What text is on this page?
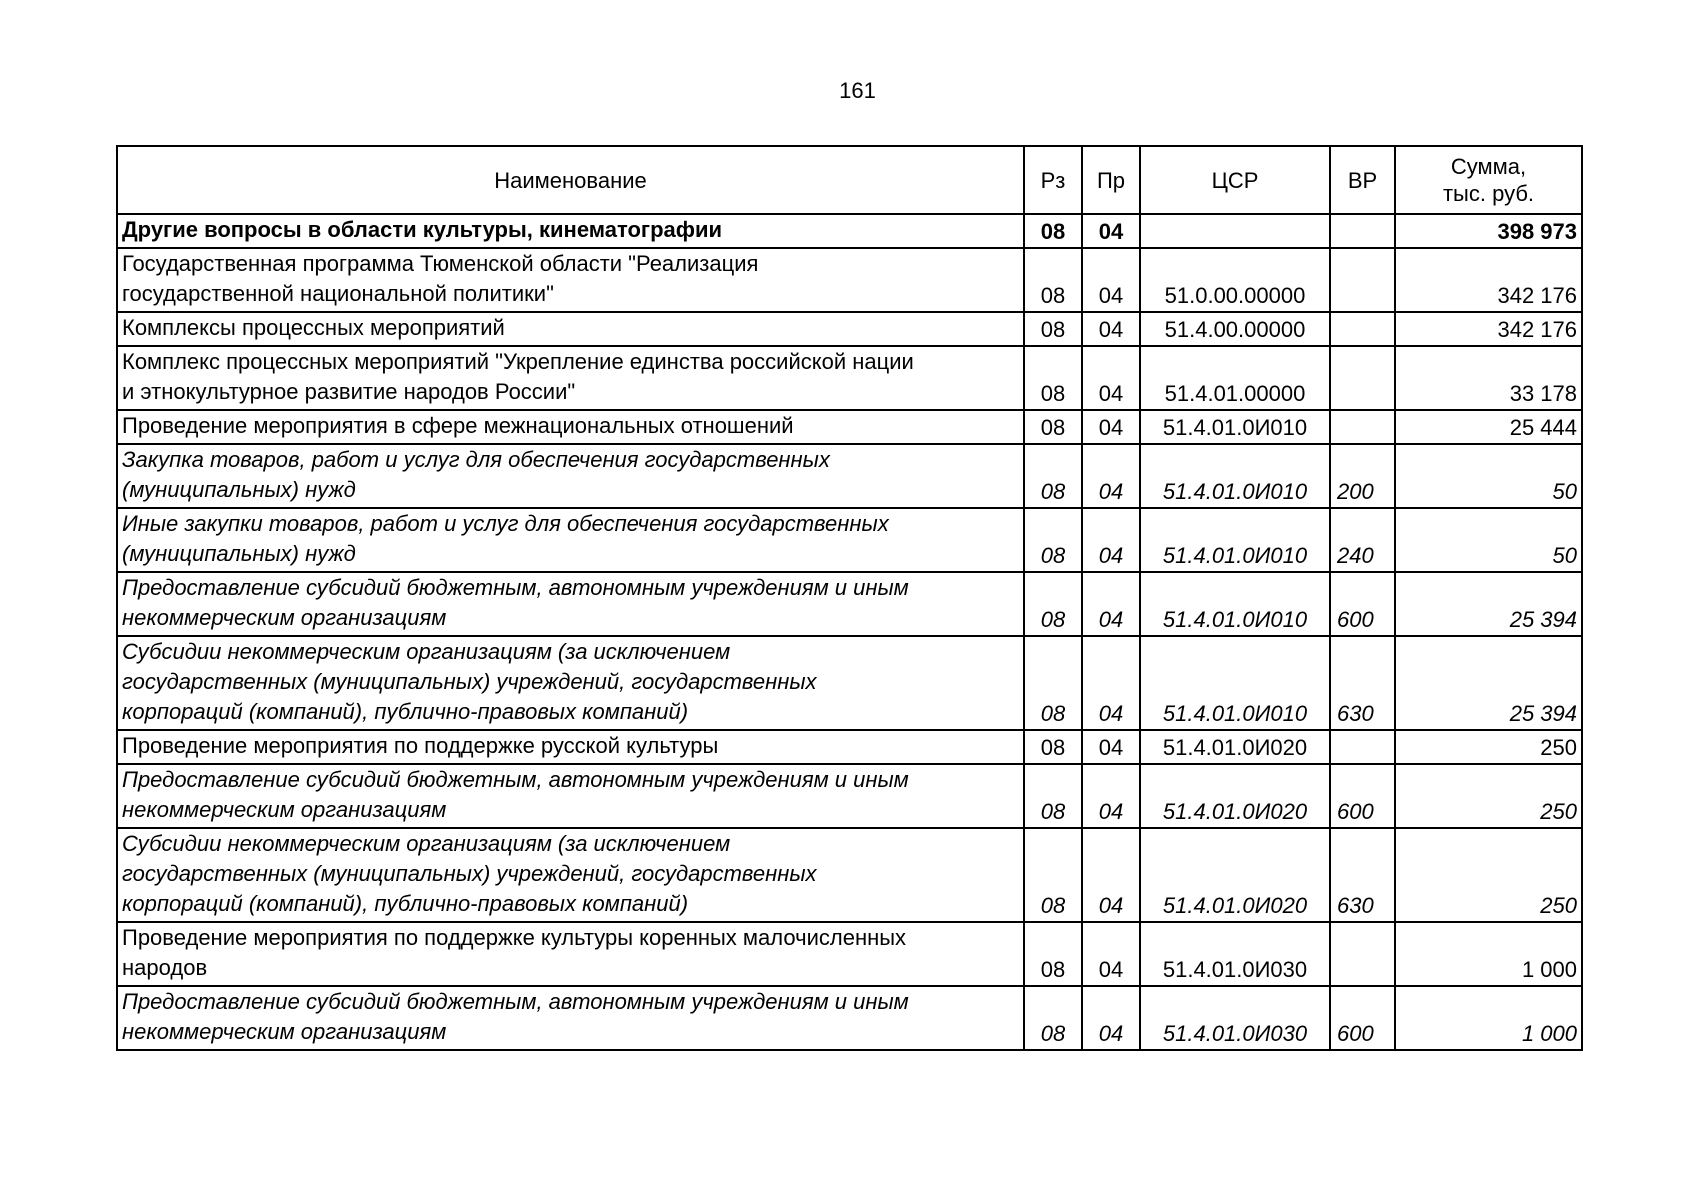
161
Наименование	Рз	Пр	ЦСР	ВР	Сумма,
тыс. руб.
Другие вопросы в области культуры, кинематографии	08	04			398 973
Государственная программа Тюменской области "Реализация
государственной национальной политики"	08	04	51.0.00.00000		342 176
Комплексы процессных мероприятий	08	04	51.4.00.00000		342 176
Комплекс процессных мероприятий "Укрепление единства российской нации
и этнокультурное развитие народов России"	08	04	51.4.01.00000		33 178
Проведение мероприятия в сфере межнациональных отношений	08	04	51.4.01.0И010		25 444
Закупка товаров, работ и услуг для обеспечения государственных
(муниципальных) нужд	08	04	51.4.01.0И010	200	50
Иные закупки товаров, работ и услуг для обеспечения государственных
(муниципальных) нужд	08	04	51.4.01.0И010	240	50
Предоставление субсидий бюджетным, автономным учреждениям и иным
некоммерческим организациям	08	04	51.4.01.0И010	600	25 394
Субсидии некоммерческим организациям (за исключением
государственных (муниципальных) учреждений, государственных
корпораций (компаний), публично-правовых компаний)	08	04	51.4.01.0И010	630	25 394
Проведение мероприятия по поддержке русской культуры	08	04	51.4.01.0И020		250
Предоставление субсидий бюджетным, автономным учреждениям и иным
некоммерческим организациям	08	04	51.4.01.0И020	600	250
Субсидии некоммерческим организациям (за исключением
государственных (муниципальных) учреждений, государственных
корпораций (компаний), публично-правовых компаний)	08	04	51.4.01.0И020	630	250
Проведение мероприятия по поддержке культуры коренных малочисленных
народов	08	04	51.4.01.0И030		1 000
Предоставление субсидий бюджетным, автономным учреждениям и иным
некоммерческим организациям	08	04	51.4.01.0И030	600	1 000
